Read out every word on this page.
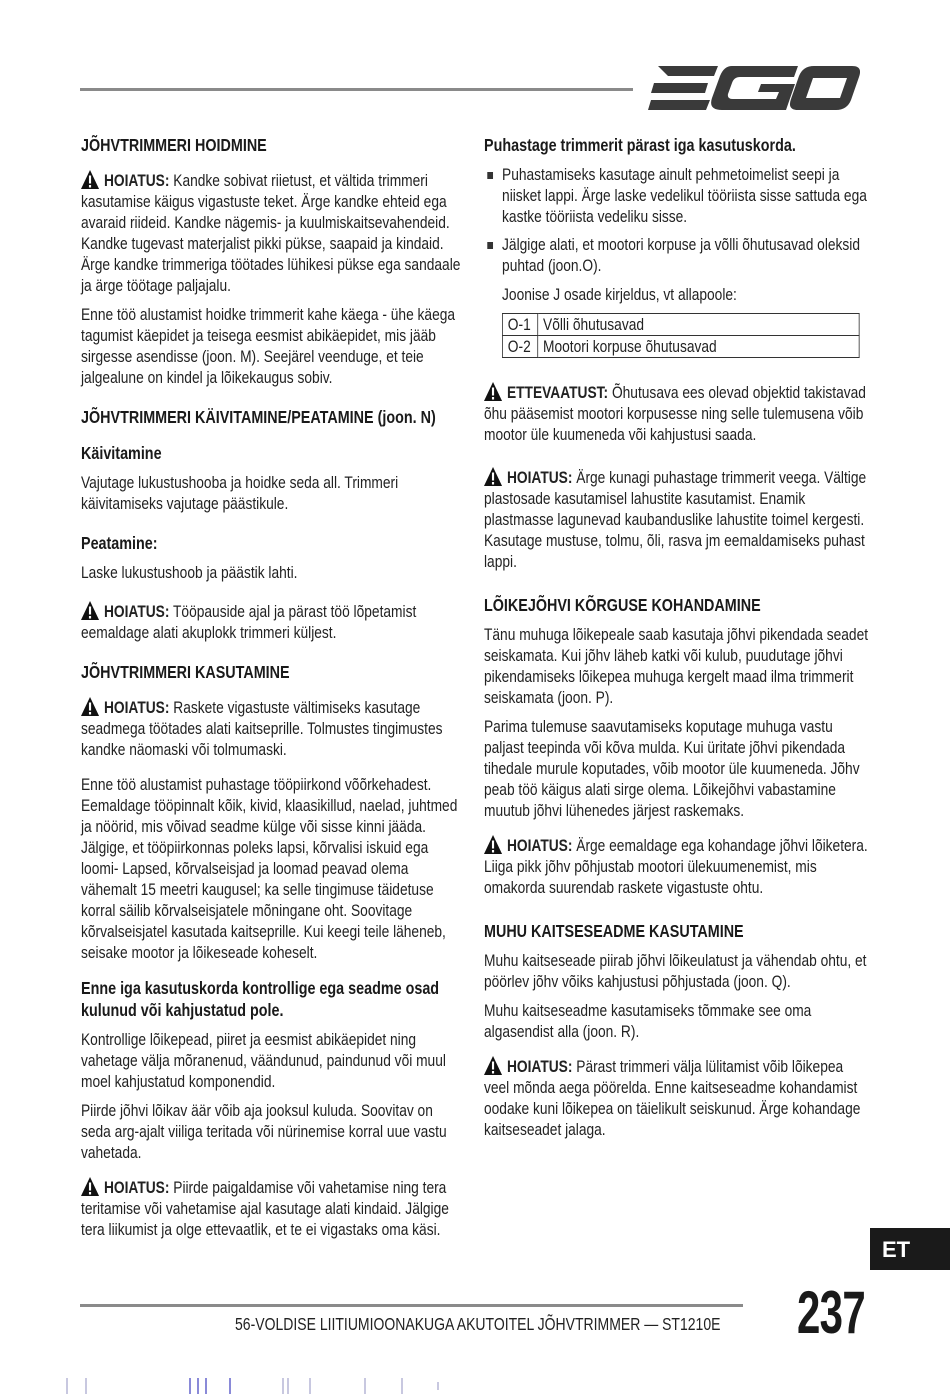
JÕHVTRIMMERI HOIDMINE
HOIATUS: Kandke sobivat riietust, et vältida trimmeri kasutamise käigus vigastuste teket. Ärge kandke ehteid ega avaraid riideid. Kandke nägemis- ja kuulmiskaitsevahendeid. Kandke tugevast materjalist pikki pükse, saapaid ja kindaid. Ärge kandke trimmeriga töötades lühikesi pükse ega sandaale ja ärge töötage paljajalu.
Enne töö alustamist hoidke trimmerit kahe käega - ühe käega tagumist käepidet ja teisega eesmist abikäepidet, mis jääb sirgesse asendisse (joon. M). Seejärel veenduge, et teie jalgealune on kindel ja lõikekaugus sobiv.
JÕHVTRIMMERI KÄIVITAMINE/PEATAMINE (joon. N)
Käivitamine
Vajutage lukustushooba ja hoidke seda all. Trimmeri käivitamiseks vajutage päästikule.
Peatamine:
Laske lukustushoob ja päästik lahti.
HOIATUS: Tööpauside ajal ja pärast töö lõpetamist eemaldage alati akuplokk trimmeri küljest.
JÕHVTRIMMERI KASUTAMINE
HOIATUS: Raskete vigastuste vältimiseks kasutage seadmega töötades alati kaitseprille. Tolmustes tingimustes kandke näomaski või tolmumaski.
Enne töö alustamist puhastage tööpiirkond võõrkehadest. Eemaldage tööpinnalt kõik, kivid, klaasikillud, naelad, juhtmed ja nöörid, mis võivad seadme külge või sisse kinni jääda. Jälgige, et tööpiirkonnas poleks lapsi, kõrvalisi iskuid ega loomi- Lapsed, kõrvalseisjad ja loomad peavad olema vähemalt 15 meetri kaugusel; ka selle tingimuse täidetuse korral säilib kõrvalseisjatele mõningane oht. Soovitage kõrvalseisjatel kasutada kaitseprille. Kui keegi teile läheneb, seisake mootor ja lõikeseade koheselt.
Enne iga kasutuskorda kontrollige ega seadme osad kulunud või kahjustatud pole.
Kontrollige lõikepead, piiret ja eesmist abikäepidet ning vahetage välja mõranenud, väändunud, paindunud või muul moel kahjustatud komponendid.
Piirde jõhvi lõikav äär võib aja jooksul kuluda. Soovitav on seda arg-ajalt viiliga teritada või nürinemise korral uue vastu vahetada.
HOIATUS: Piirde paigaldamise või vahetamise ning tera teritamise või vahetamise ajal kasutage alati kindaid. Jälgige tera liikumist ja olge ettevaatlik, et te ei vigastaks oma käsi.
Puhastage trimmerit pärast iga kasutuskorda.
Puhastamiseks kasutage ainult pehmetoimelist seepi ja niisket lappi. Ärge laske vedelikul tööriista sisse sattuda ega kastke tööriista vedeliku sisse.
Jälgige alati, et mootori korpuse ja võlli õhutusavad oleksid puhtad (joon.O).
Joonise J osade kirjeldus, vt allapoole:
O-1	Võlli õhutusavad
O-2	Mootori korpuse õhutusavad
ETTEVAATUST: Õhutusava ees olevad objektid takistavad õhu pääsemist mootori korpusesse ning selle tulemusena võib mootor üle kuumeneda või kahjustusi saada.
HOIATUS: Ärge kunagi puhastage trimmerit veega. Vältige plastosade kasutamisel lahustite kasutamist. Enamik plastmasse lagunevad kaubanduslike lahustite toimel kergesti. Kasutage mustuse, tolmu, õli, rasva jm eemaldamiseks puhast lappi.
LÕIKEJÕHVI KÕRGUSE KOHANDAMINE
Tänu muhuga lõikepeale saab kasutaja jõhvi pikendada seadet seiskamata. Kui jõhv läheb katki või kulub, puudutage jõhvi pikendamiseks lõikepea muhuga kergelt maad ilma trimmerit seiskamata (joon. P).
Parima tulemuse saavutamiseks koputage muhuga vastu paljast teepinda või kõva mulda. Kui üritate jõhvi pikendada tihedale murule koputades, võib mootor üle kuumeneda. Jõhv peab töö käigus alati sirge olema. Lõikejõhvi vabastamine muutub jõhvi lühenedes järjest raskemaks.
HOIATUS: Ärge eemaldage ega kohandage jõhvi lõiketera. Liiga pikk jõhv põhjustab mootori ülekuumenemist, mis omakorda suurendab raskete vigastuste ohtu.
MUHU KAITSESEADME KASUTAMINE
Muhu kaitseseade piirab jõhvi lõikeulatust ja vähendab ohtu, et pöörlev jõhv võiks kahjustusi põhjustada (joon. Q).
Muhu kaitseseadme kasutamiseks tõmmake see oma algasendist alla (joon. R).
HOIATUS: Pärast trimmeri välja lülitamist võib lõikepea veel mõnda aega pöörelda. Enne kaitseseadme kohandamist oodake kuni lõikepea on täielikult seiskunud. Ärge kohandage kaitseseadet jalaga.
ET
56-VOLDISE LIITIUMIOONAKUGA AKUTOITEL JÕHVTRIMMER — ST1210E	237
